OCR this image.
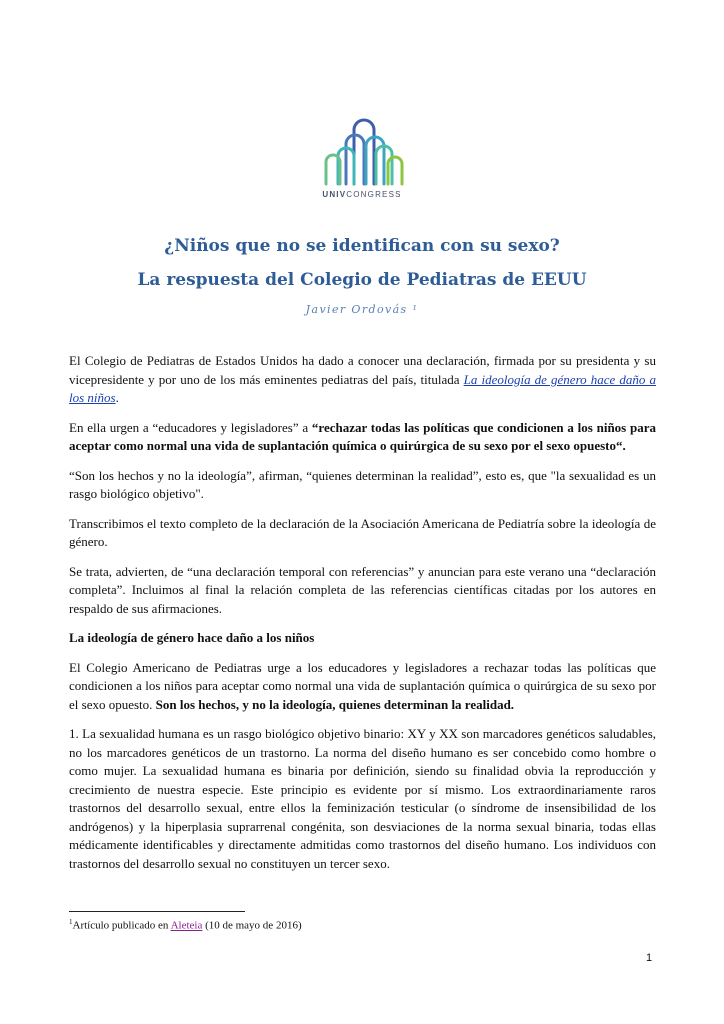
UNIVCONGRESS
¿Niños que no se identifican con su sexo?
La respuesta del Colegio de Pediatras de EEUU
Javier Ordovás ¹

El Colegio de Pediatras de Estados Unidos ha dado a conocer una declaración, firmada por su presidenta y su vicepresidente y por uno de los más eminentes pediatras del país, titulada La ideología de género hace daño a los niños.

En ella urgen a “educadores y legisladores” a “rechazar todas las políticas que condicionen a los niños para aceptar como normal una vida de suplantación química o quirúrgica de su sexo por el sexo opuesto“.

“Son los hechos y no la ideología”, afirman, “quienes determinan la realidad”, esto es, que "la sexualidad es un rasgo biológico objetivo".

Transcribimos el texto completo de la declaración de la Asociación Americana de Pediatría sobre la ideología de género.

Se trata, advierten, de “una declaración temporal con referencias” y anuncian para este verano una “declaración completa”. Incluimos al final la relación completa de las referencias científicas citadas por los autores en respaldo de sus afirmaciones.

La ideología de género hace daño a los niños

El Colegio Americano de Pediatras urge a los educadores y legisladores a rechazar todas las políticas que condicionen a los niños para aceptar como normal una vida de suplantación química o quirúrgica de su sexo por el sexo opuesto. Son los hechos, y no la ideología, quienes determinan la realidad.

1. La sexualidad humana es un rasgo biológico objetivo binario: XY y XX son marcadores genéticos saludables, no los marcadores genéticos de un trastorno. La norma del diseño humano es ser concebido como hombre o como mujer. La sexualidad humana es binaria por definición, siendo su finalidad obvia la reproducción y crecimiento de nuestra especie. Este principio es evidente por sí mismo. Los extraordinariamente raros trastornos del desarrollo sexual, entre ellos la feminización testicular (o síndrome de insensibilidad de los andrógenos) y la hiperplasia suprarrenal congénita, son desviaciones de la norma sexual binaria, todas ellas médicamente identificables y directamente admitidas como trastornos del diseño humano. Los individuos con trastornos del desarrollo sexual no constituyen un tercer sexo.

$^1$Artículo publicado en Aleteia (10 de mayo de 2016)
1
